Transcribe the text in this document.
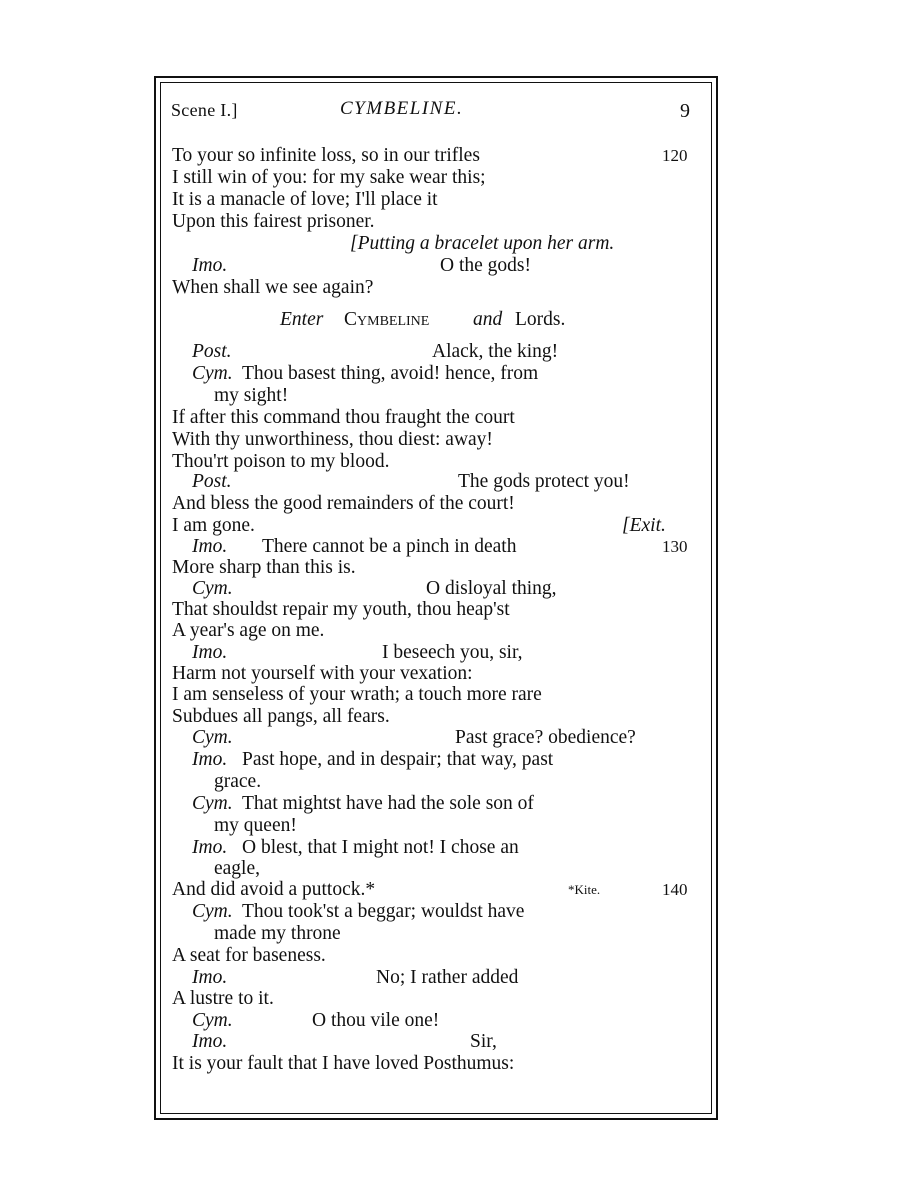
Scene I.]	CYMBELINE.	9
To your so infinite loss, so in our trifles	120
I still win of you: for my sake wear this;
It is a manacle of love; I'll place it
Upon this fairest prisoner.
[Putting a bracelet upon her arm.
Imo.	O the gods!
When shall we see again?
Enter Cymbeline and Lords.
Post.	Alack, the king!
Cym. Thou basest thing, avoid! hence, from
my sight!
If after this command thou fraught the court
With thy unworthiness, thou diest: away!
Thou'rt poison to my blood.
Post.	The gods protect you!
And bless the good remainders of the court!
I am gone.	[Exit.
Imo. There cannot be a pinch in death	130
More sharp than this is.
Cym.	O disloyal thing,
That shouldst repair my youth, thou heap'st
A year's age on me.
Imo.	I beseech you, sir,
Harm not yourself with your vexation:
I am senseless of your wrath; a touch more rare
Subdues all pangs, all fears.
Cym.	Past grace? obedience?
Imo. Past hope, and in despair; that way, past
grace.
Cym. That mightst have had the sole son of
my queen!
Imo. O blest, that I might not! I chose an
eagle,
And did avoid a puttock.*	*Kite.	140
Cym. Thou took'st a beggar; wouldst have
made my throne
A seat for baseness.
Imo.	No; I rather added
A lustre to it.
Cym.	O thou vile one!
Imo.	Sir,
It is your fault that I have loved Posthumus:
